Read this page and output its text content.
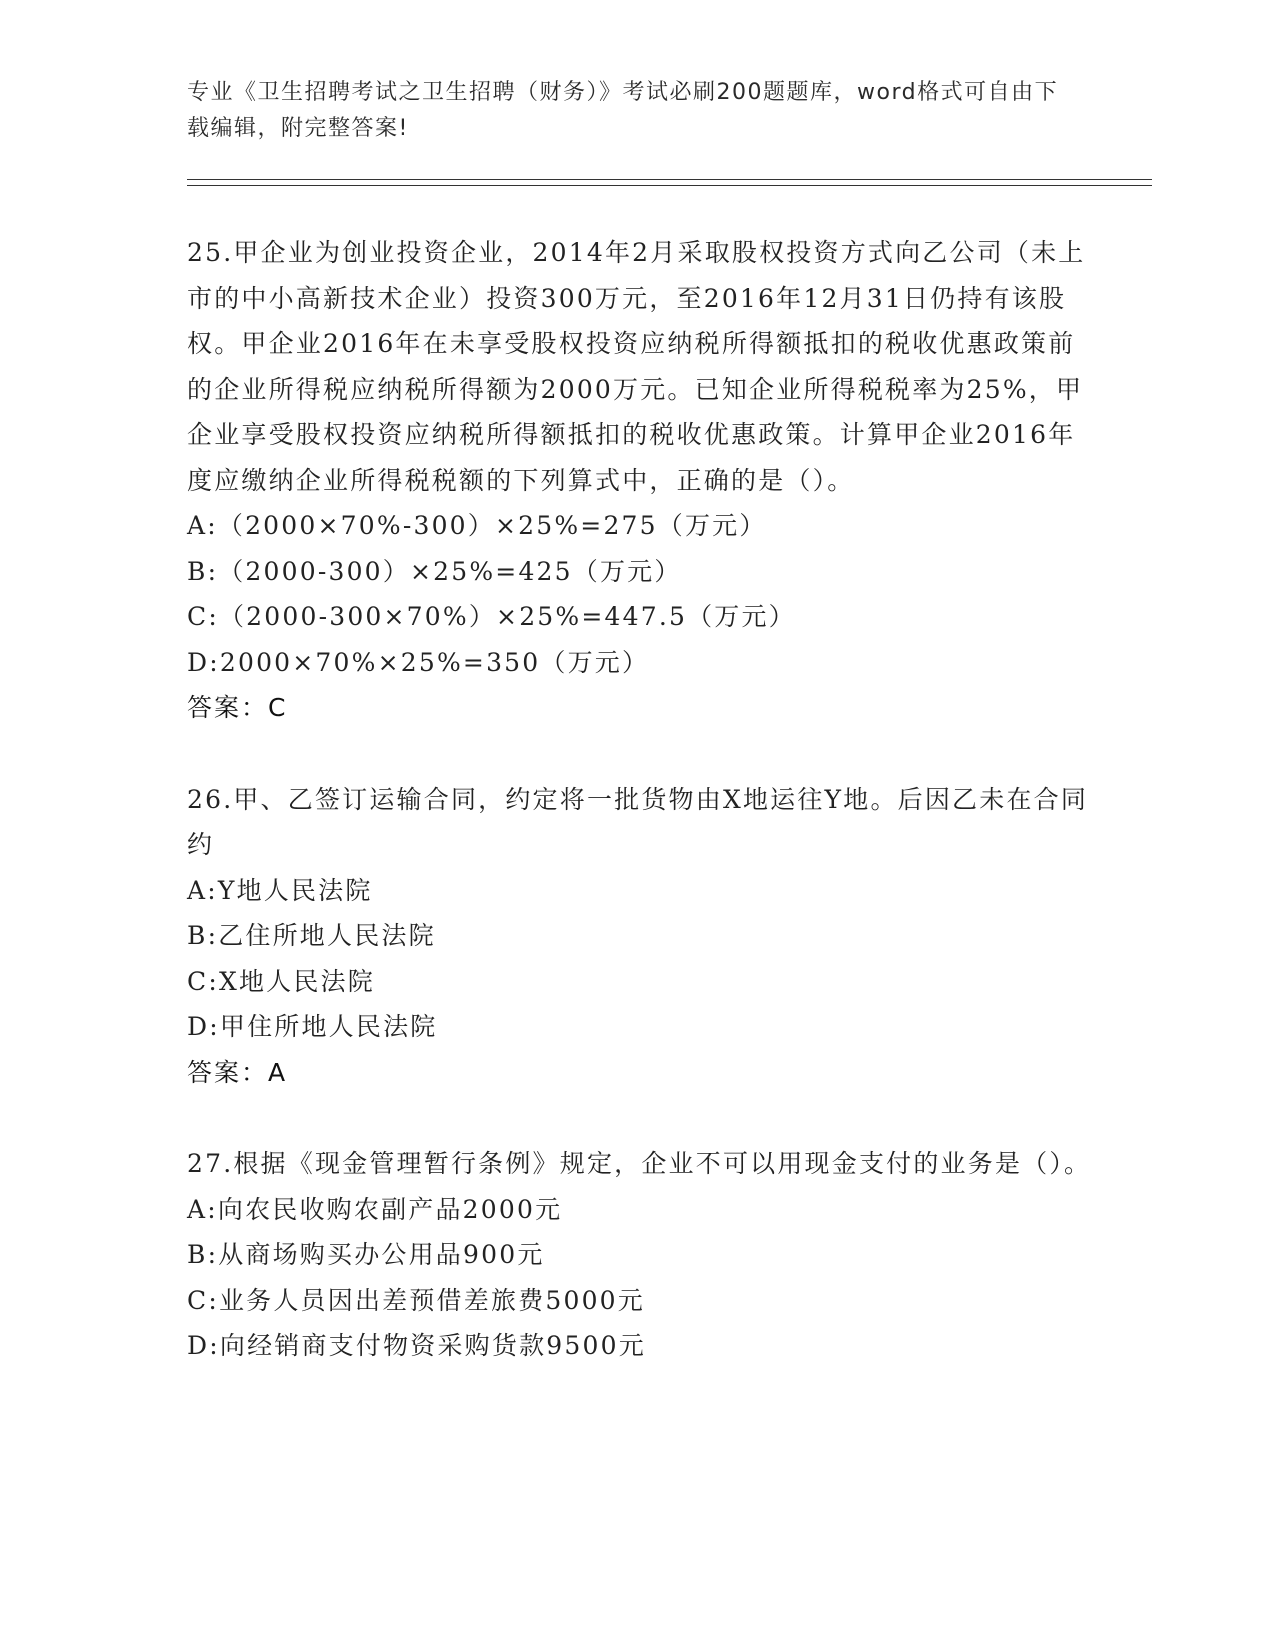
专业《卫生招聘考试之卫生招聘（财务）》考试必刷200题题库，word格式可自由下载编辑，附完整答案!
25.甲企业为创业投资企业，2014年2月采取股权投资方式向乙公司（未上市的中小高新技术企业）投资300万元，至2016年12月31日仍持有该股权。甲企业2016年在未享受股权投资应纳税所得额抵扣的税收优惠政策前的企业所得税应纳税所得额为2000万元。已知企业所得税税率为25%，甲企业享受股权投资应纳税所得额抵扣的税收优惠政策。计算甲企业2016年度应缴纳企业所得税税额的下列算式中，正确的是（）。
A:（2000×70%-300）×25%=275（万元）
B:（2000-300）×25%=425（万元）
C:（2000-300×70%）×25%=447.5（万元）
D:2000×70%×25%=350（万元）
答案：C
26.甲、乙签订运输合同，约定将一批货物由X地运往Y地。后因乙未在合同约
A:Y地人民法院
B:乙住所地人民法院
C:X地人民法院
D:甲住所地人民法院
答案：A
27.根据《现金管理暂行条例》规定，企业不可以用现金支付的业务是（）。
A:向农民收购农副产品2000元
B:从商场购买办公用品900元
C:业务人员因出差预借差旅费5000元
D:向经销商支付物资采购货款9500元
